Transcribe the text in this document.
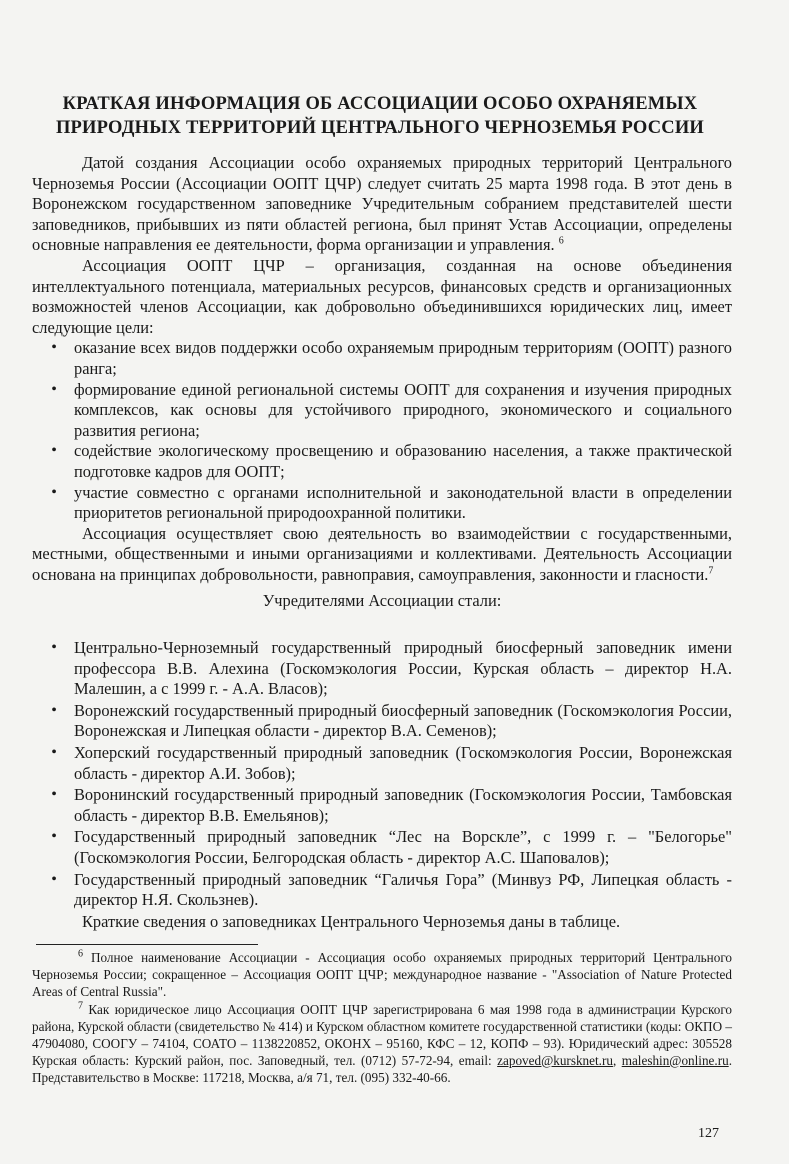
КРАТКАЯ ИНФОРМАЦИЯ ОБ АССОЦИАЦИИ ОСОБО ОХРАНЯЕМЫХ
ПРИРОДНЫХ ТЕРРИТОРИЙ ЦЕНТРАЛЬНОГО ЧЕРНОЗЕМЬЯ РОССИИ

Датой создания Ассоциации особо охраняемых природных территорий Центрального Черноземья России (Ассоциации ООПТ ЦЧР) следует считать 25 марта 1998 года. В этот день в Воронежском государственном заповеднике Учредительным собранием представителей шести заповедников, прибывших из пяти областей региона, был принят Устав Ассоциации, определены основные направления ее деятельности, форма организации и управления. $^6$

Ассоциация ООПТ ЦЧР – организация, созданная на основе объединения интеллектуального потенциала, материальных ресурсов, финансовых средств и организационных возможностей членов Ассоциации, как добровольно объединившихся юридических лиц, имеет следующие цели:

•	оказание всех видов поддержки особо охраняемым природным территориям (ООПТ) разного ранга;
•	формирование единой региональной системы ООПТ для сохранения и изучения природных комплексов, как основы для устойчивого природного, экономического и социального развития региона;
•	содействие экологическому просвещению и образованию населения, а также практической подготовке кадров для ООПТ;
•	участие совместно с органами исполнительной и законодательной власти в определении приоритетов региональной природоохранной политики.

Ассоциация осуществляет свою деятельность во взаимодействии с государственными, местными, общественными и иными организациями и коллективами. Деятельность Ассоциации основана на принципах добровольности, равноправия, самоуправления, законности и гласности.$^7$

Учредителями Ассоциации стали:
•	Центрально-Черноземный государственный природный биосферный заповедник имени профессора В.В. Алехина (Госкомэкология России, Курская область – директор Н.А. Малешин, а с 1999 г. - А.А. Власов);
•	Воронежский государственный природный биосферный заповедник (Госкомэкология России, Воронежская и Липецкая области - директор В.А. Семенов);
•	Хоперский государственный природный заповедник (Госкомэкология России, Воронежская область - директор А.И. Зобов);
•	Воронинский государственный природный заповедник (Госкомэкология России, Тамбовская область - директор В.В. Емельянов);
•	Государственный природный заповедник “Лес на Ворсклe”, с 1999 г. – "Белогорье" (Госкомэкология России, Белгородская область - директор А.С. Шаповалов);
•	Государственный природный заповедник “Галичья Гора” (Минвуз РФ, Липецкая область - директор Н.Я. Скользнев).

Краткие сведения о заповедниках Центрального Черноземья даны в таблице.

$^6$ Полное наименование Ассоциации - Ассоциация особо охраняемых природных территорий Центрального Черноземья России; сокращенное – Ассоциация ООПТ ЦЧР; международное название - "Association of Nature Protected Areas of Central Russia".

$^7$ Как юридическое лицо Ассоциация ООПТ ЦЧР зарегистрирована 6 мая 1998 года в администрации Курского района, Курской области (свидетельство № 414) и Курском областном комитете государственной статистики (коды: ОКПО – 47904080, СООГУ – 74104, СОАТО – 1138220852, ОКОНХ – 95160, КФС – 12, КОПФ – 93). Юридический адрес: 305528 Курская область: Курский район, пос. Заповедный, тел. (0712) 57-72-94, email: zapoved@kursknet.ru, maleshin@online.ru. Представительство в Москве: 117218, Москва, а/я 71, тел. (095) 332-40-66.

127
